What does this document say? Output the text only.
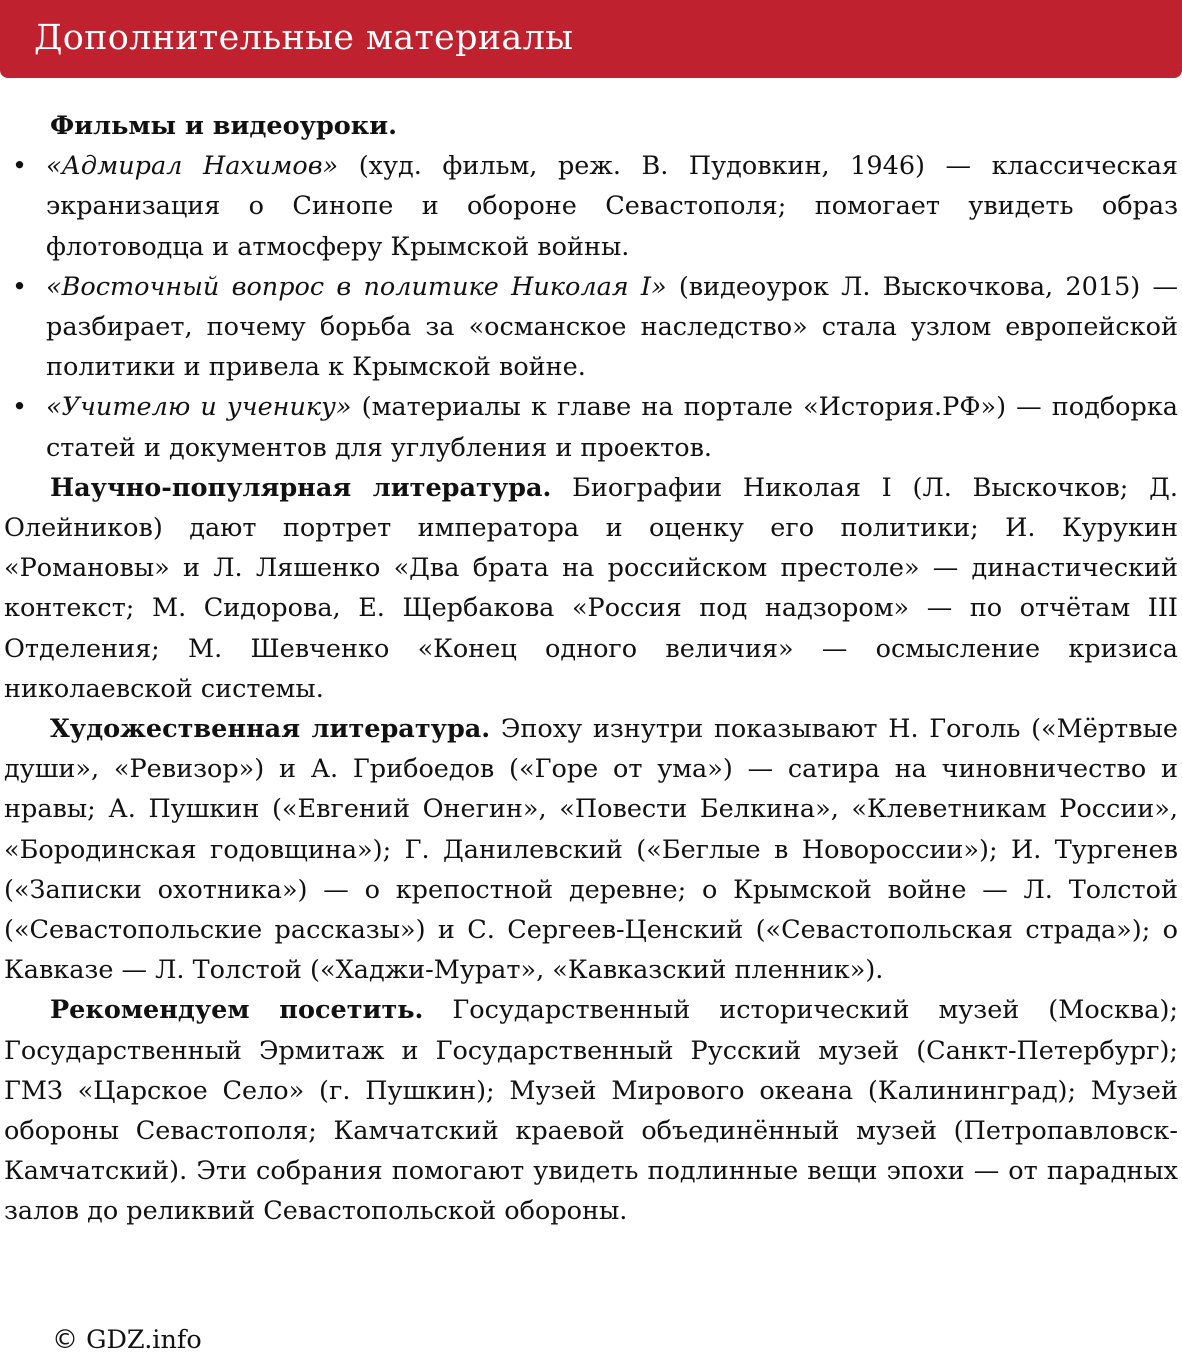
Дополнительные материалы

Фильмы и видеоуроки.

• «Адмирал Нахимов» (худ. фильм, реж. В. Пудовкин, 1946) — классическая экранизация о Синопе и обороне Севастополя; помогает увидеть образ флотоводца и атмосферу Крымской войны.
• «Восточный вопрос в политике Николая I» (видеоурок Л. Выскочкова, 2015) — разбирает, почему борьба за «османское наследство» стала узлом европейской политики и привела к Крымской войне.
• «Учителю и ученику» (материалы к главе на портале «История.РФ») — подборка статей и документов для углубления и проектов.

Научно-популярная литература. Биографии Николая I (Л. Выскочков; Д. Олейников) дают портрет императора и оценку его политики; И. Курукин «Романовы» и Л. Ляшенко «Два брата на российском престоле» — династический контекст; М. Сидорова, Е. Щербакова «Россия под надзором» — по отчётам III Отделения; М. Шевченко «Конец одного величия» — осмысление кризиса николаевской системы.

Художественная литература. Эпоху изнутри показывают Н. Гоголь («Мёртвые души», «Ревизор») и А. Грибоедов («Горе от ума») — сатира на чиновничество и нравы; А. Пушкин («Евгений Онегин», «Повести Белкина», «Клеветникам России», «Бородинская годовщина»); Г. Данилевский («Беглые в Новороссии»); И. Тургенев («Записки охотника») — о крепостной деревне; о Крымской войне — Л. Толстой («Севастопольские рассказы») и С. Сергеев-Ценский («Севастопольская страда»); о Кавказе — Л. Толстой («Хаджи-Мурат», «Кавказский пленник»).

Рекомендуем посетить. Государственный исторический музей (Москва); Государственный Эрмитаж и Государственный Русский музей (Санкт-Петербург); ГМЗ «Царское Село» (г. Пушкин); Музей Мирового океана (Калининград); Музей обороны Севастополя; Камчатский краевой объединённый музей (Петропавловск-Камчатский). Эти собрания помогают увидеть подлинные вещи эпохи — от парадных залов до реликвий Севастопольской обороны.

© GDZ.info
